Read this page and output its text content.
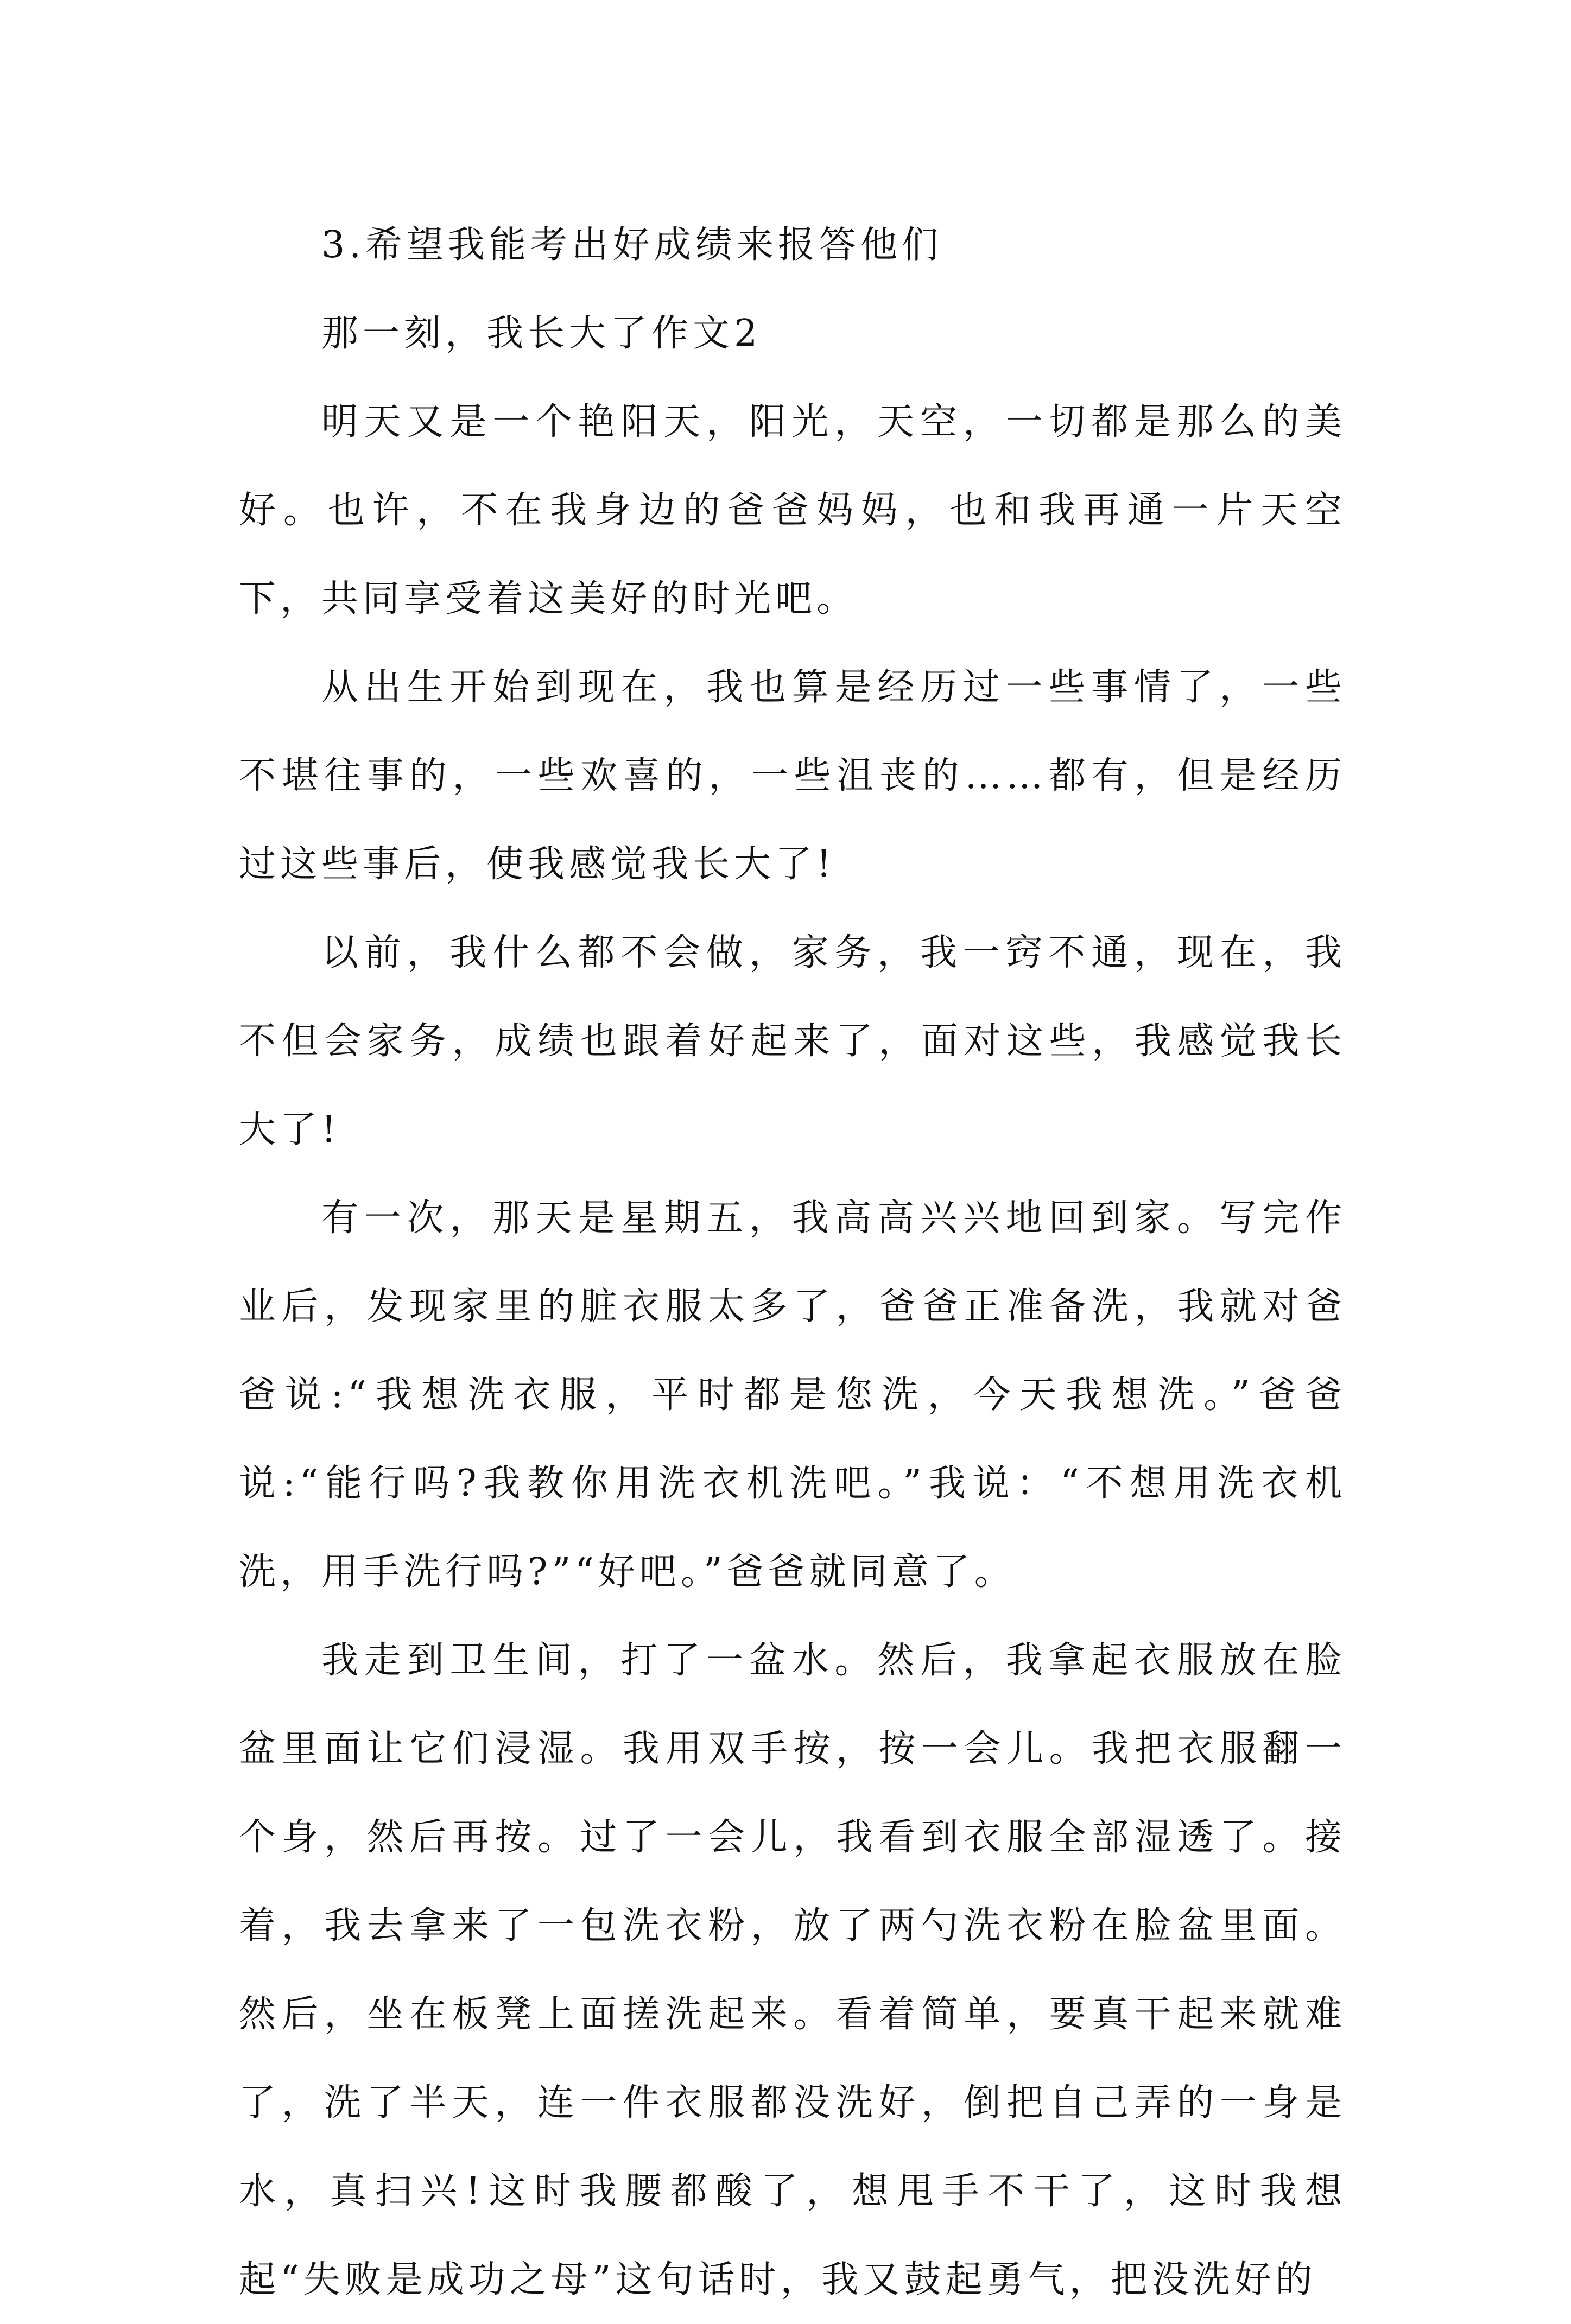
3.希望我能考出好成绩来报答他们

那一刻，我长大了作文2

明天又是一个艳阳天，阳光，天空，一切都是那么的美好。也许，不在我身边的爸爸妈妈，也和我再通一片天空下，共同享受着这美好的时光吧。

从出生开始到现在，我也算是经历过一些事情了，一些不堪往事的，一些欢喜的，一些沮丧的……都有，但是经历过这些事后，使我感觉我长大了!

以前，我什么都不会做，家务，我一窍不通，现在，我不但会家务，成绩也跟着好起来了，面对这些，我感觉我长大了!

有一次，那天是星期五，我高高兴兴地回到家。写完作业后，发现家里的脏衣服太多了，爸爸正准备洗，我就对爸爸说:“我想洗衣服，平时都是您洗，今天我想洗。”爸爸说:“能行吗?我教你用洗衣机洗吧。”我说：“不想用洗衣机洗，用手洗行吗?”“好吧。”爸爸就同意了。

我走到卫生间，打了一盆水。然后，我拿起衣服放在脸盆里面让它们浸湿。我用双手按，按一会儿。我把衣服翻一个身，然后再按。过了一会儿，我看到衣服全部湿透了。接着，我去拿来了一包洗衣粉，放了两勺洗衣粉在脸盆里面。然后，坐在板凳上面搓洗起来。看着简单，要真干起来就难了，洗了半天，连一件衣服都没洗好，倒把自己弄的一身是水，真扫兴!这时我腰都酸了，想甩手不干了，这时我想起“失败是成功之母”这句话时，我又鼓起勇气，把没洗好的
